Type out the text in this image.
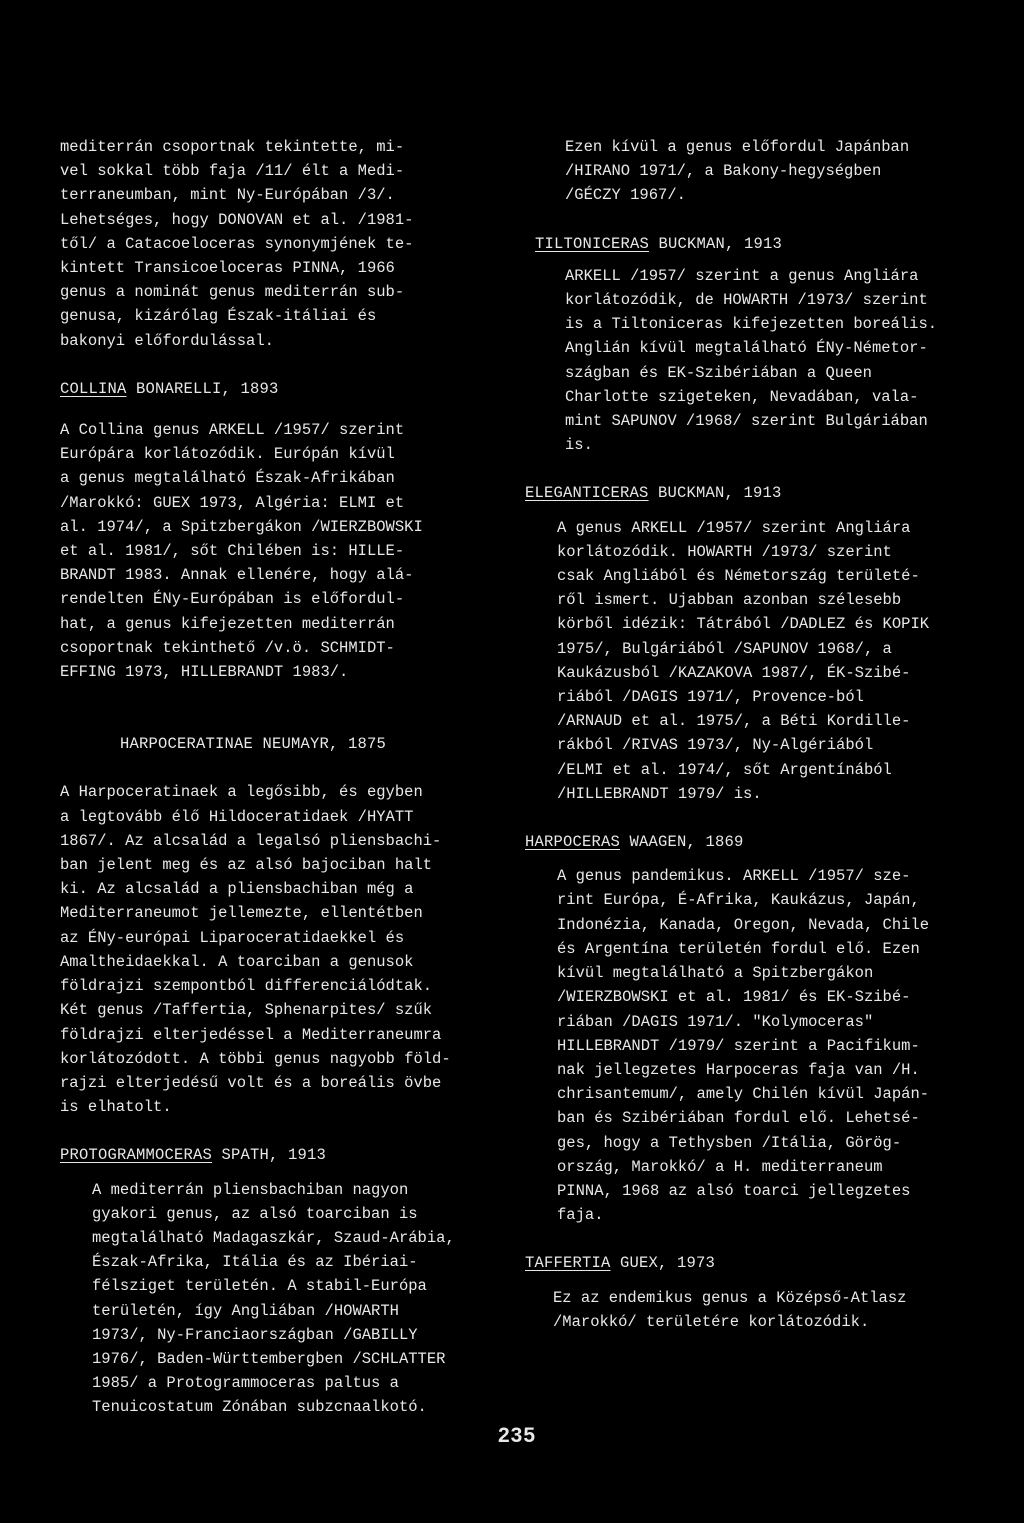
mediterrán csoportnak tekintette, mi-
vel sokkal több faja /11/ élt a Medi-
terraneumban, mint Ny-Európában /3/.
Lehetséges, hogy DONOVAN et al. /1981-
től/ a Catacoeloceras synonymjének te-
kintett Transicoeloceras PINNA, 1966
genus a nominát genus mediterrán sub-
genusa, kizárólag Észak-itáliai és
bakonyi előfordulással.
COLLINA BONARELLI, 1893
A Collina genus ARKELL /1957/ szerint
Európára korlátozódik. Európán kívül
a genus megtalálható Észak-Afrikában
/Marokkó: GUEX 1973, Algéria: ELMI et
al. 1974/, a Spitzbergákon /WIERZBOWSKI
et al. 1981/, sőt Chilében is: HILLE-
BRANDT 1983. Annak ellenére, hogy alá-
rendelten ÉNy-Európában is előfordul-
hat, a genus kifejezetten mediterrán
csoportnak tekinthető /v.ö. SCHMIDT-
EFFING 1973, HILLEBRANDT 1983/.
HARPOCERATINAE NEUMAYR, 1875
A Harpoceratinaek a legősibb, és egyben
a legtovább élő Hildoceratidaek /HYATT
1867/. Az alcsalád a legalsó pliensbachi-
ban jelent meg és az alsó bajociban halt
ki. Az alcsalád a pliensbachiban még a
Mediterraneumot jellemezte, ellentétben
az ÉNy-európai Liparoceratidaekkel és
Amaltheidaekkal. A toarciban a genusok
földrajzi szempontból differenciálódtak.
Két genus /Taffertia, Sphenarpites/ szűk
földrajzi elterjedéssel a Mediterraneumra
korlátozódott. A többi genus nagyobb föld-
rajzi elterjedésű volt és a boreális övbe
is elhatolt.
PROTOGRAMMOCERAS SPATH, 1913
A mediterrán pliensbachiban nagyon
gyakori genus, az alsó toarciban is
megtalálható Madagaszkár, Szaud-Arábia,
Észak-Afrika, Itália és az Ibériai-
félsziget területén. A stabil-Európa
területén, így Angliában /HOWARTH
1973/, Ny-Franciaországban /GABILLY
1976/, Baden-Württembergben /SCHLATTER
1985/ a Protogrammoceras paltus a
Tenuicostatum Zónában subzcnaalkotó.
Ezen kívül a genus előfordul Japánban
/HIRANO 1971/, a Bakony-hegységben
/GÉCZY 1967/.
TILTONICERAS BUCKMAN, 1913
ARKELL /1957/ szerint a genus Angliára
korlátozódik, de HOWARTH /1973/ szerint
is a Tiltoniceras kifejezetten boreális.
Anglián kívül megtalálható ÉNy-Németor-
szágban és EK-Szibériában a Queen
Charlotte szigeteken, Nevadában, vala-
mint SAPUNOV /1968/ szerint Bulgáriában
is.
ELEGANTICERAS BUCKMAN, 1913
A genus ARKELL /1957/ szerint Angliára
korlátozódik. HOWARTH /1973/ szerint
csak Angliából és Németország területé-
ről ismert. Ujabban azonban szélesebb
körből idézik: Tátrából /DADLEZ és KOPIK
1975/, Bulgáriából /SAPUNOV 1968/, a
Kaukázusból /KAZAKOVA 1987/, ÉK-Szibé-
riából /DAGIS 1971/, Provence-ból
/ARNAUD et al. 1975/, a Béti Kordille-
rákból /RIVAS 1973/, Ny-Algériából
/ELMI et al. 1974/, sőt Argentínából
/HILLEBRANDT 1979/ is.
HARPOCERAS WAAGEN, 1869
A genus pandemikus. ARKELL /1957/ sze-
rint Európa, É-Afrika, Kaukázus, Japán,
Indonézia, Kanada, Oregon, Nevada, Chile
és Argentína területén fordul elő. Ezen
kívül megtalálható a Spitzbergákon
/WIERZBOWSKI et al. 1981/ és EK-Szibé-
riában /DAGIS 1971/. "Kolymoceras"
HILLEBRANDT /1979/ szerint a Pacifikum-
nak jellegzetes Harpoceras faja van /H.
chrisantemum/, amely Chilén kívül Japán-
ban és Szibériában fordul elő. Lehetsé-
ges, hogy a Tethysben /Itália, Görög-
ország, Marokkó/ a H. mediterraneum
PINNA, 1968 az alsó toarci jellegzetes
faja.
TAFFERTIA GUEX, 1973
Ez az endemikus genus a Középső-Atlasz
/Marokkó/ területére korlátozódik.
235
